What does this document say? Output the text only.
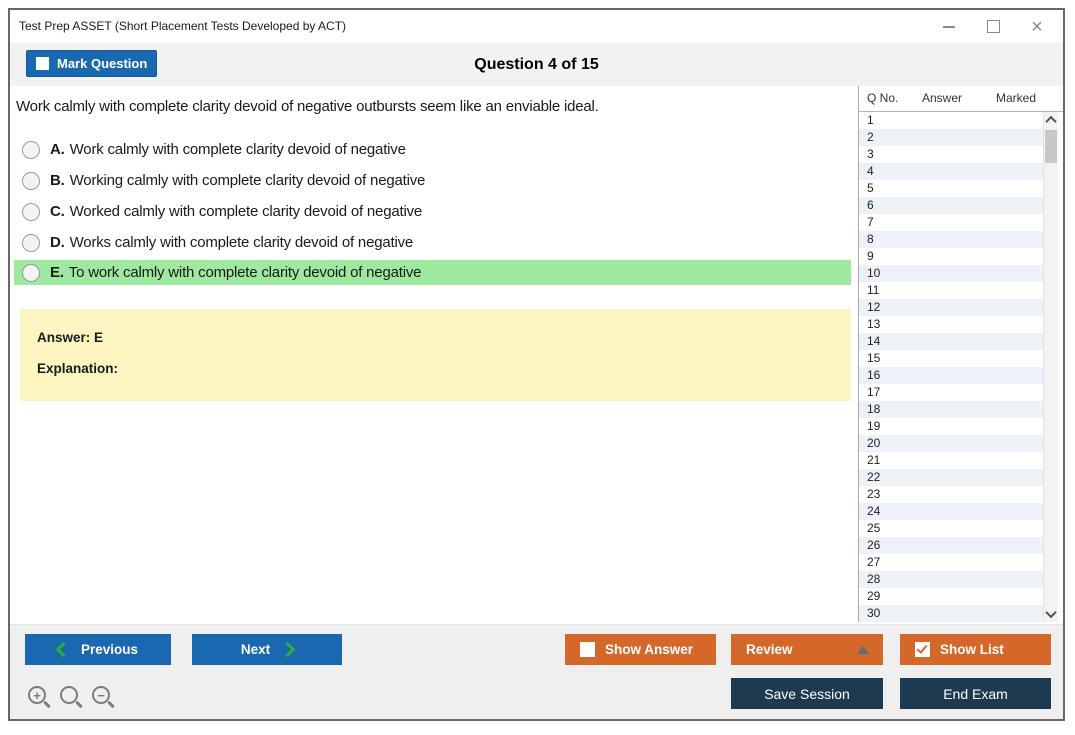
Test Prep ASSET (Short Placement Tests Developed by ACT)	×
Question 4 of 15
Mark Question
Work calmly with complete clarity devoid of negative outbursts seem like an enviable ideal.
A. Work calmly with complete clarity devoid of negative
B. Working calmly with complete clarity devoid of negative
C. Worked calmly with complete clarity devoid of negative
D. Works calmly with complete clarity devoid of negative
E. To work calmly with complete clarity devoid of negative
Answer: E
Explanation:
Q No. Answer	Marked
1
2
3
4
5
6
7
8
9
10
11
12
13
14
15
16
17
18
19
20
21
22
23
24
25
26
27
28
29
30
Previous	Next	Show Answer	Review	Show List
Save Session	End Exam
+	−
